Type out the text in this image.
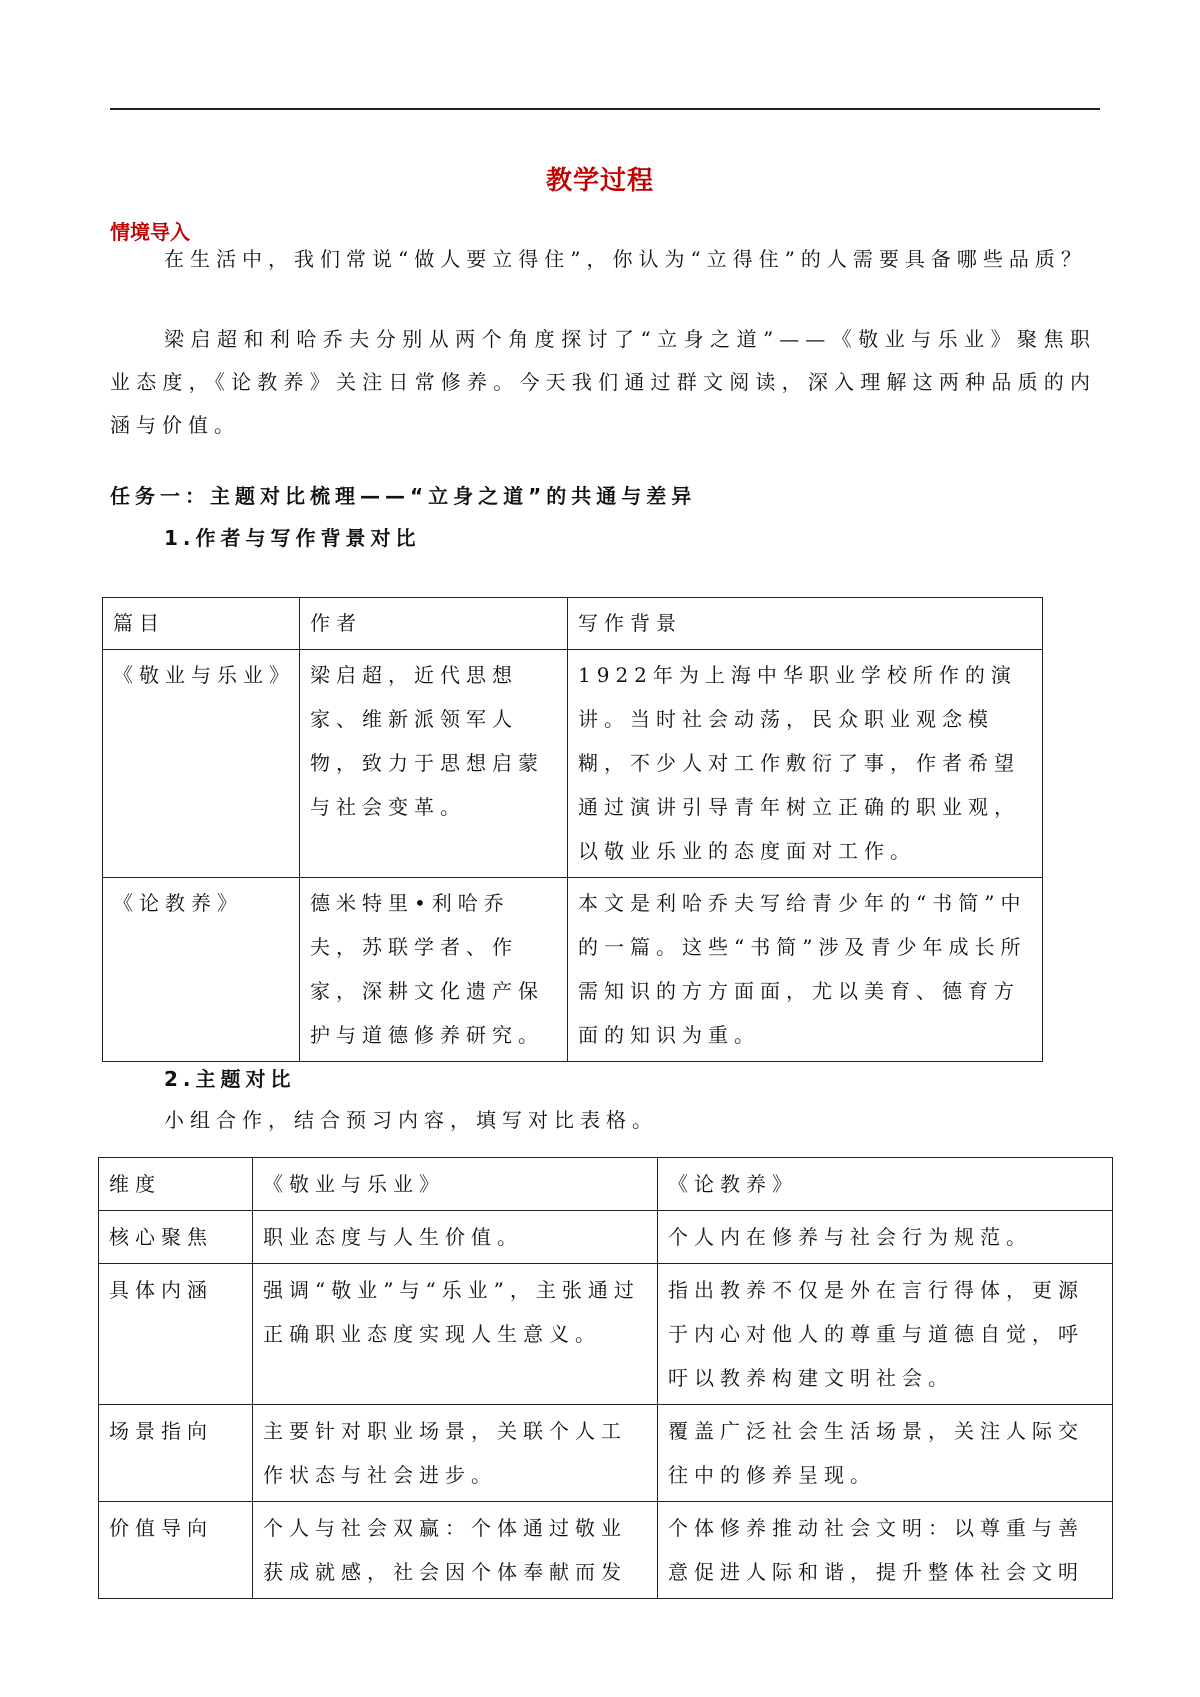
教学过程
情境导入

在生活中，我们常说“做人要立得住”，你认为“立得住”的人需要具备哪些品质？

梁启超和利哈乔夫分别从两个角度探讨了“立身之道”——《敬业与乐业》聚焦职业态度，《论教养》关注日常修养。今天我们通过群文阅读，深入理解这两种品质的内涵与价值。

任务一：主题对比梳理——“立身之道”的共通与差异
1.作者与写作背景对比
篇目	作者	写作背景
《敬业与乐业》	梁启超，近代思想家、维新派领军人物，致力于思想启蒙与社会变革。	1922年为上海中华职业学校所作的演讲。当时社会动荡，民众职业观念模糊，不少人对工作敷衍了事，作者希望通过演讲引导青年树立正确的职业观，以敬业乐业的态度面对工作。
《论教养》	德米特里•利哈乔夫，苏联学者、作家，深耕文化遗产保护与道德修养研究。	本文是利哈乔夫写给青少年的“书简”中的一篇。这些“书简”涉及青少年成长所需知识的方方面面，尤以美育、德育方面的知识为重。
2.主题对比
小组合作，结合预习内容，填写对比表格。
维度	《敬业与乐业》	《论教养》
核心聚焦	职业态度与人生价值。	个人内在修养与社会行为规范。
具体内涵	强调“敬业”与“乐业”，主张通过正确职业态度实现人生意义。	指出教养不仅是外在言行得体，更源于内心对他人的尊重与道德自觉，呼吁以教养构建文明社会。
场景指向	主要针对职业场景，关联个人工作状态与社会进步。	覆盖广泛社会生活场景，关注人际交往中的修养呈现。
价值导向	个人与社会双赢：个体通过敬业获成就感，社会因个体奉献而发	个体修养推动社会文明：以尊重与善意促进人际和谐，提升整体社会文明
